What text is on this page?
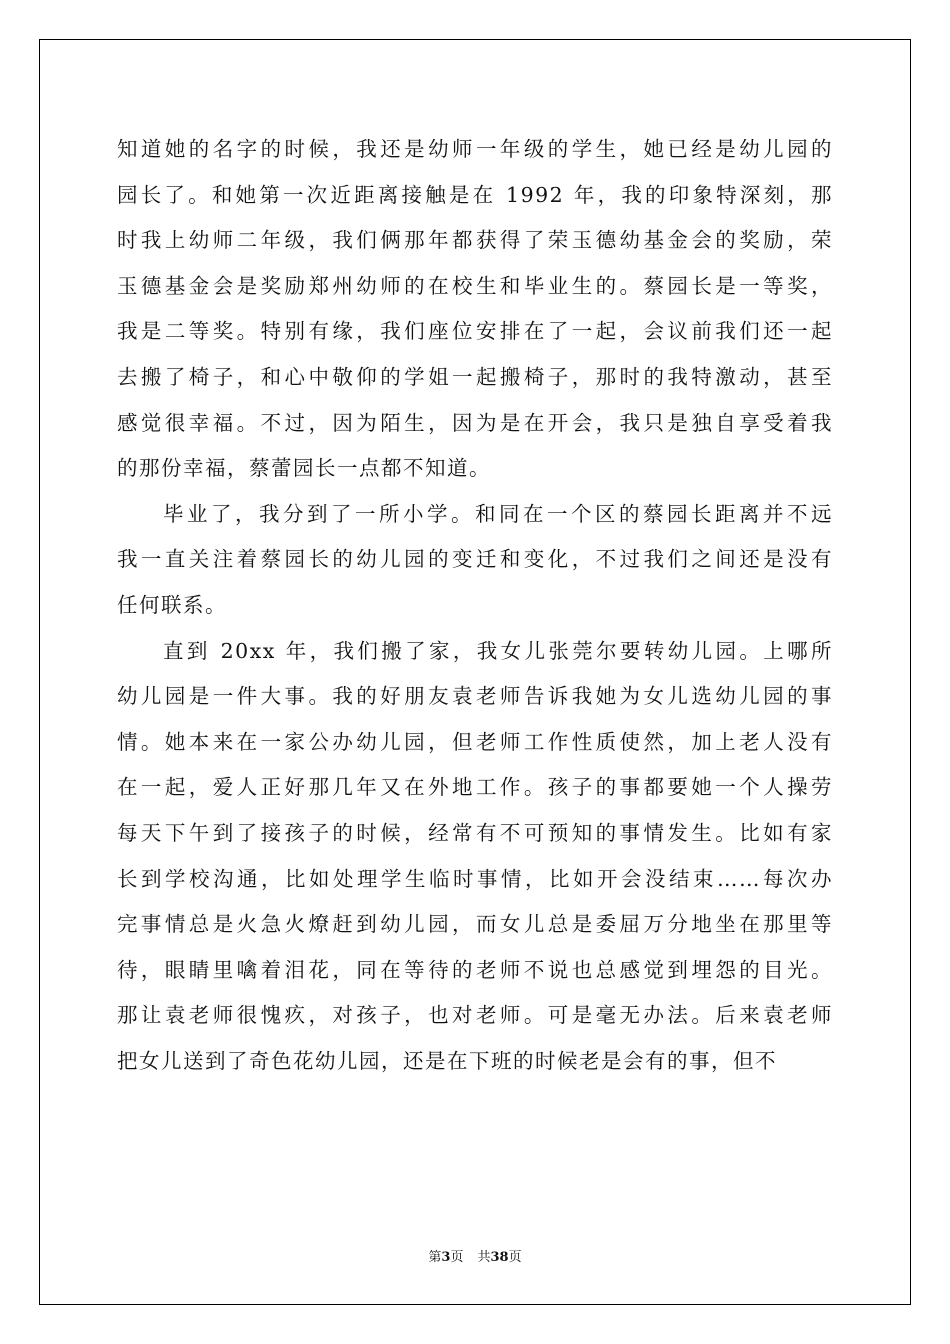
知道她的名字的时候，我还是幼师一年级的学生，她已经是幼儿园的
园长了。和她第一次近距离接触是在 1992 年，我的印象特深刻，那
时我上幼师二年级，我们俩那年都获得了荣玉德幼基金会的奖励，荣
玉德基金会是奖励郑州幼师的在校生和毕业生的。蔡园长是一等奖，
我是二等奖。特别有缘，我们座位安排在了一起，会议前我们还一起
去搬了椅子，和心中敬仰的学姐一起搬椅子，那时的我特激动，甚至
感觉很幸福。不过，因为陌生，因为是在开会，我只是独自享受着我
的那份幸福，蔡蕾园长一点都不知道。
毕业了，我分到了一所小学。和同在一个区的蔡园长距离并不远
我一直关注着蔡园长的幼儿园的变迁和变化，不过我们之间还是没有
任何联系。
直到 20xx 年，我们搬了家，我女儿张莞尔要转幼儿园。上哪所
幼儿园是一件大事。我的好朋友袁老师告诉我她为女儿选幼儿园的事
情。她本来在一家公办幼儿园，但老师工作性质使然，加上老人没有
在一起，爱人正好那几年又在外地工作。孩子的事都要她一个人操劳
每天下午到了接孩子的时候，经常有不可预知的事情发生。比如有家
长到学校沟通，比如处理学生临时事情，比如开会没结束……每次办
完事情总是火急火燎赶到幼儿园，而女儿总是委屈万分地坐在那里等
待，眼睛里噙着泪花，同在等待的老师不说也总感觉到埋怨的目光。
那让袁老师很愧疚，对孩子，也对老师。可是毫无办法。后来袁老师
把女儿送到了奇色花幼儿园，还是在下班的时候老是会有的事，但不
第3页 共38页
